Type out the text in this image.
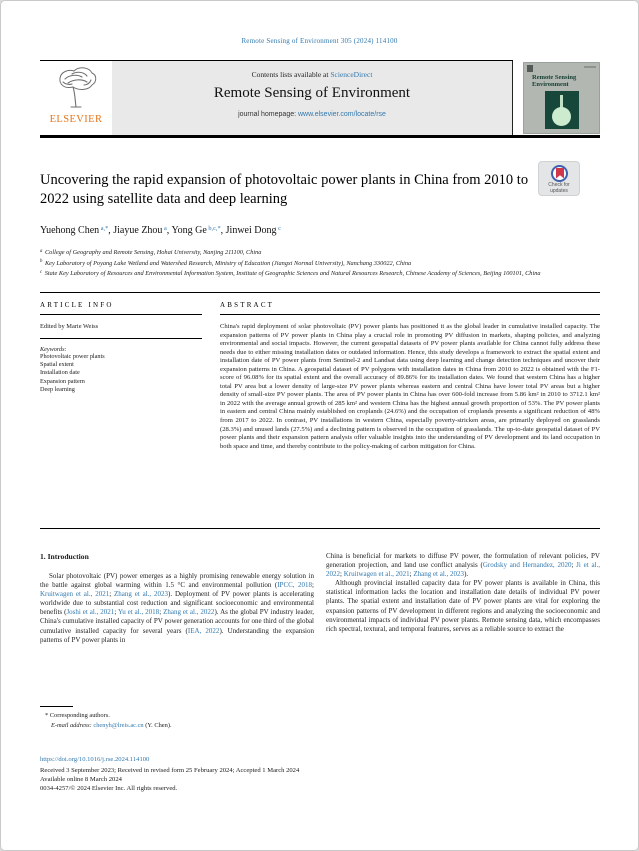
Remote Sensing of Environment 305 (2024) 114100
ELSEVIER
Contents lists available at ScienceDirect
Remote Sensing of Environment
journal homepage: www.elsevier.com/locate/rse
Remote Sensing
Environment
Check for updates
Uncovering the rapid expansion of photovoltaic power plants in China from 2010 to 2022 using satellite data and deep learning
Yuehong Chen $^{a,*}$, Jiayue Zhou $^a$, Yong Ge $^{b,c,*}$, Jinwei Dong $^c$
$^a$ College of Geography and Remote Sensing, Hohai University, Nanjing 211100, China
$^b$ Key Laboratory of Poyang Lake Wetland and Watershed Research, Ministry of Education (Jiangxi Normal University), Nanchang 330022, China
$^c$ State Key Laboratory of Resources and Environmental Information System, Institute of Geographic Sciences and Natural Resources Research, Chinese Academy of Sciences, Beijing 100101, China
ARTICLE INFO
Edited by Marie Weiss
Keywords:
Photovoltaic power plants
Spatial extent
Installation date
Expansion pattern
Deep learning
ABSTRACT
China's rapid deployment of solar photovoltaic (PV) power plants has positioned it as the global leader in cumulative installed capacity. The expansion patterns of PV power plants in China play a crucial role in promoting PV diffusion in markets, shaping policies, and analyzing environmental and social impacts. However, the current geospatial datasets of PV power plants available for China cannot fully address these needs due to either missing installation dates or outdated information. Hence, this study develops a framework to extract the spatial extent and installation date of PV power plants from Sentinel-2 and Landsat data using deep learning and change detection techniques and uncover their expansion patterns in China. A geospatial dataset of PV polygons with installation dates in China from 2010 to 2022 is obtained with the F1-score of 96.08% for its spatial extent and the overall accuracy of 89.86% for its installation dates. We found that western China has a higher total PV area but a lower density of large-size PV power plants whereas eastern and central China have lower total PV areas but a higher density of small-size PV power plants. The area of PV power plants in China has over 600-fold increase from 5.86 km² in 2010 to 3712.1 km² in 2022 with the average annual growth of 285 km² and western China has the highest annual growth proportion of 53%. The PV power plants in eastern and central China mainly established on croplands (24.6%) and the occupation of croplands presents a significant reduction of 48% from 2017 to 2022. In contrast, PV installations in western China, especially poverty-stricken areas, are primarily deployed on grasslands (28.3%) and unused lands (27.5%) and a declining pattern is observed in the occupation of grasslands. The up-to-date geospatial dataset of PV power plants and their expansion pattern analysis offer valuable insights into the understanding of PV development and its land occupation in both space and time, and thereby contribute to the policy-making of carbon mitigation for China.
1. Introduction

Solar photovoltaic (PV) power emerges as a highly promising renewable energy solution in the battle against global warming within 1.5 °C and environmental pollution (IPCC, 2018; Kruitwagen et al., 2021; Zhang et al., 2023). Deployment of PV power plants is accelerating worldwide due to substantial cost reduction and significant socioeconomic and environmental benefits (Joshi et al., 2021; Yu et al., 2018; Zhang et al., 2022). As the global PV industry leader, China's cumulative installed capacity of PV power generation accounts for one third of the global cumulative installed capacity for several years (IEA, 2022). Understanding the expansion patterns of PV power plants in

China is beneficial for markets to diffuse PV power, the formulation of relevant policies, PV generation projection, and land use conflict analysis (Grodsky and Hernandez, 2020; Ji et al., 2022; Kruitwagen et al., 2021; Zhang et al., 2023).

Although provincial installed capacity data for PV power plants is available in China, this statistical information lacks the location and installation date details of individual PV power plants. The spatial extent and installation date of PV power plants are vital for exploring the expansion patterns of PV development in different regions and analyzing the socioeconomic and environmental impacts of individual PV power plants. Remote sensing data, which encompasses rich spectral, textural, and temporal features, serves as a reliable source to extract the

* Corresponding authors.
E-mail address: chenyh@lreis.ac.cn (Y. Chen).
https://doi.org/10.1016/j.rse.2024.114100
Received 3 September 2023; Received in revised form 25 February 2024; Accepted 1 March 2024
Available online 8 March 2024
0034-4257/© 2024 Elsevier Inc. All rights reserved.
